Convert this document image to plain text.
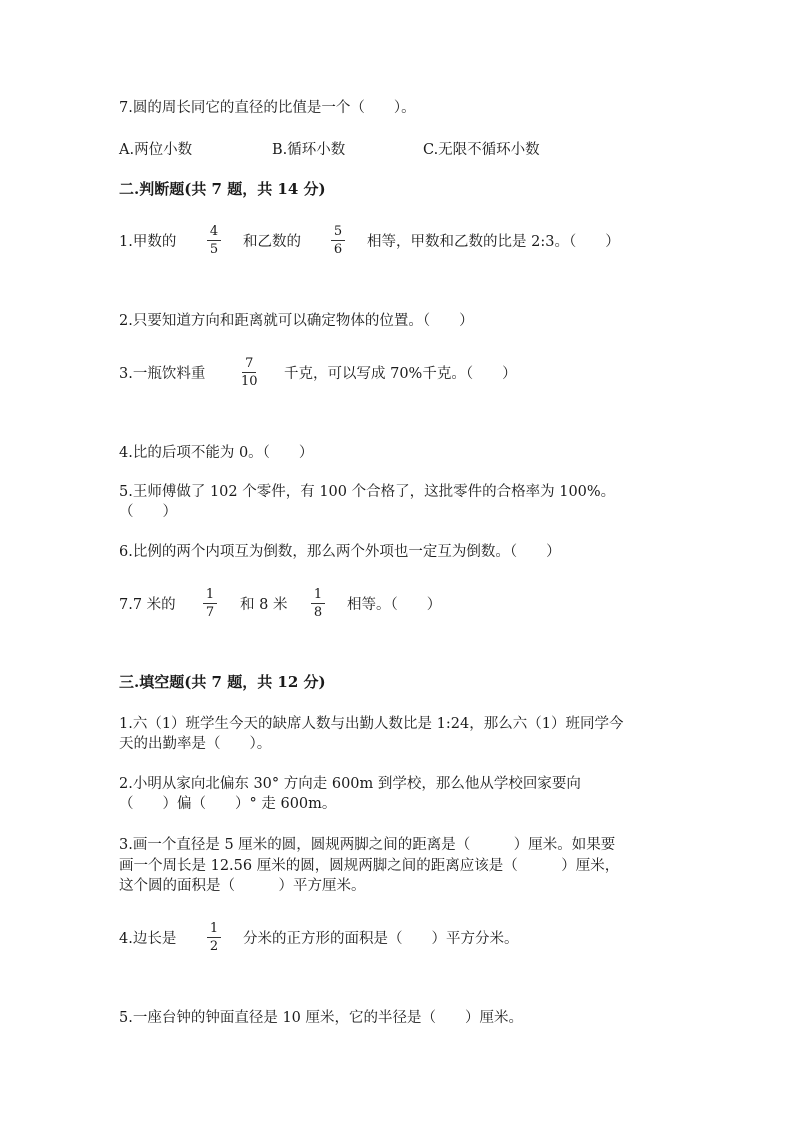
7.圆的周长同它的直径的比值是一个（　　）。
A.两位小数	B.循环小数	C.无限不循环小数
二.判断题(共 7 题，共 14 分)
1.甲数的
4
5 和乙数的
5
6 相等，甲数和乙数的比是 2:3。（　　）
2.只要知道方向和距离就可以确定物体的位置。（　　）
3.一瓶饮料重
7
10 千克，可以写成 70%千克。（　　）
4.比的后项不能为 0。（　　）
5.王师傅做了 102 个零件，有 100 个合格了，这批零件的合格率为 100%。
（　　）
6.比例的两个内项互为倒数，那么两个外项也一定互为倒数。（　　）
7.7 米的
1
7 和 8 米
1
8 相等。（　　）
三.填空题(共 7 题，共 12 分)
1.六（1）班学生今天的缺席人数与出勤人数比是 1:24，那么六（1）班同学今
天的出勤率是（　　）。
2.小明从家向北偏东 30° 方向走 600m 到学校，那么他从学校回家要向
（　　）偏（　　）° 走 600m。
3.画一个直径是 5 厘米的圆，圆规两脚之间的距离是（　　　）厘米。如果要
画一个周长是 12.56 厘米的圆，圆规两脚之间的距离应该是（　　　）厘米，
这个圆的面积是（　　　）平方厘米。
4.边长是
1
2 分米的正方形的面积是（　　）平方分米。
5.一座台钟的钟面直径是 10 厘米，它的半径是（　　）厘米。
